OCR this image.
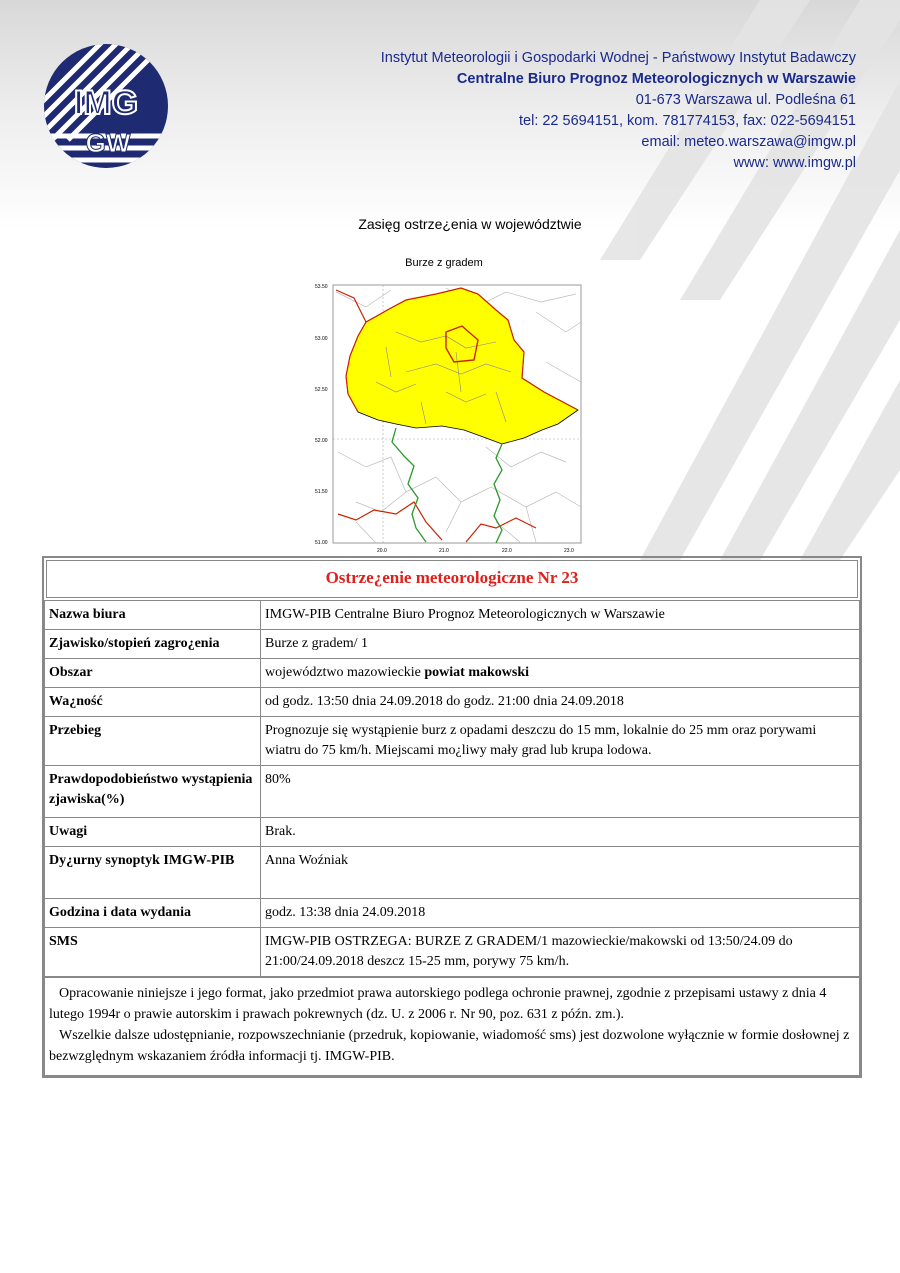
IMG
GW
Instytut Meteorologii i Gospodarki Wodnej - Państwowy Instytut Badawczy
Centralne Biuro Prognoz Meteorologicznych w Warszawie
01-673 Warszawa ul. Podleśna 61
tel: 22 5694151, kom. 781774153, fax: 022-5694151
email: meteo.warszawa@imgw.pl
www: www.imgw.pl
Zasięg ostrze¿enia w województwie
Burze z gradem
53.50
53.00
52.50
52.00
51.50
51.00
20.0	21.0	22.0	23.0
Ostrze¿enie meteorologiczne Nr 23
Nazwa biura	IMGW-PIB Centralne Biuro Prognoz Meteorologicznych w Warszawie
Zjawisko/stopień zagro¿enia	Burze z gradem/ 1
Obszar	województwo mazowieckie powiat makowski
Wa¿ność	od godz. 13:50 dnia 24.09.2018 do godz. 21:00 dnia 24.09.2018
Przebieg	Prognozuje się wystąpienie burz z opadami deszczu do 15 mm, lokalnie do 25 mm oraz porywami wiatru do 75 km/h. Miejscami mo¿liwy mały grad lub krupa lodowa.
Prawdopodobieństwo wystąpienia zjawiska(%)	80%
Uwagi	Brak.
Dy¿urny synoptyk IMGW-PIB	Anna Woźniak
Godzina i data wydania	godz. 13:38 dnia 24.09.2018
SMS	IMGW-PIB OSTRZEGA: BURZE Z GRADEM/1 mazowieckie/makowski od 13:50/24.09 do 21:00/24.09.2018 deszcz 15-25 mm, porywy 75 km/h.
Opracowanie niniejsze i jego format, jako przedmiot prawa autorskiego podlega ochronie prawnej, zgodnie z przepisami ustawy z dnia 4 lutego 1994r o prawie autorskim i prawach pokrewnych (dz. U. z 2006 r. Nr 90, poz. 631 z późn. zm.).
Wszelkie dalsze udostępnianie, rozpowszechnianie (przedruk, kopiowanie, wiadomość sms) jest dozwolone wyłącznie w formie dosłownej z bezwzględnym wskazaniem źródła informacji tj. IMGW-PIB.
